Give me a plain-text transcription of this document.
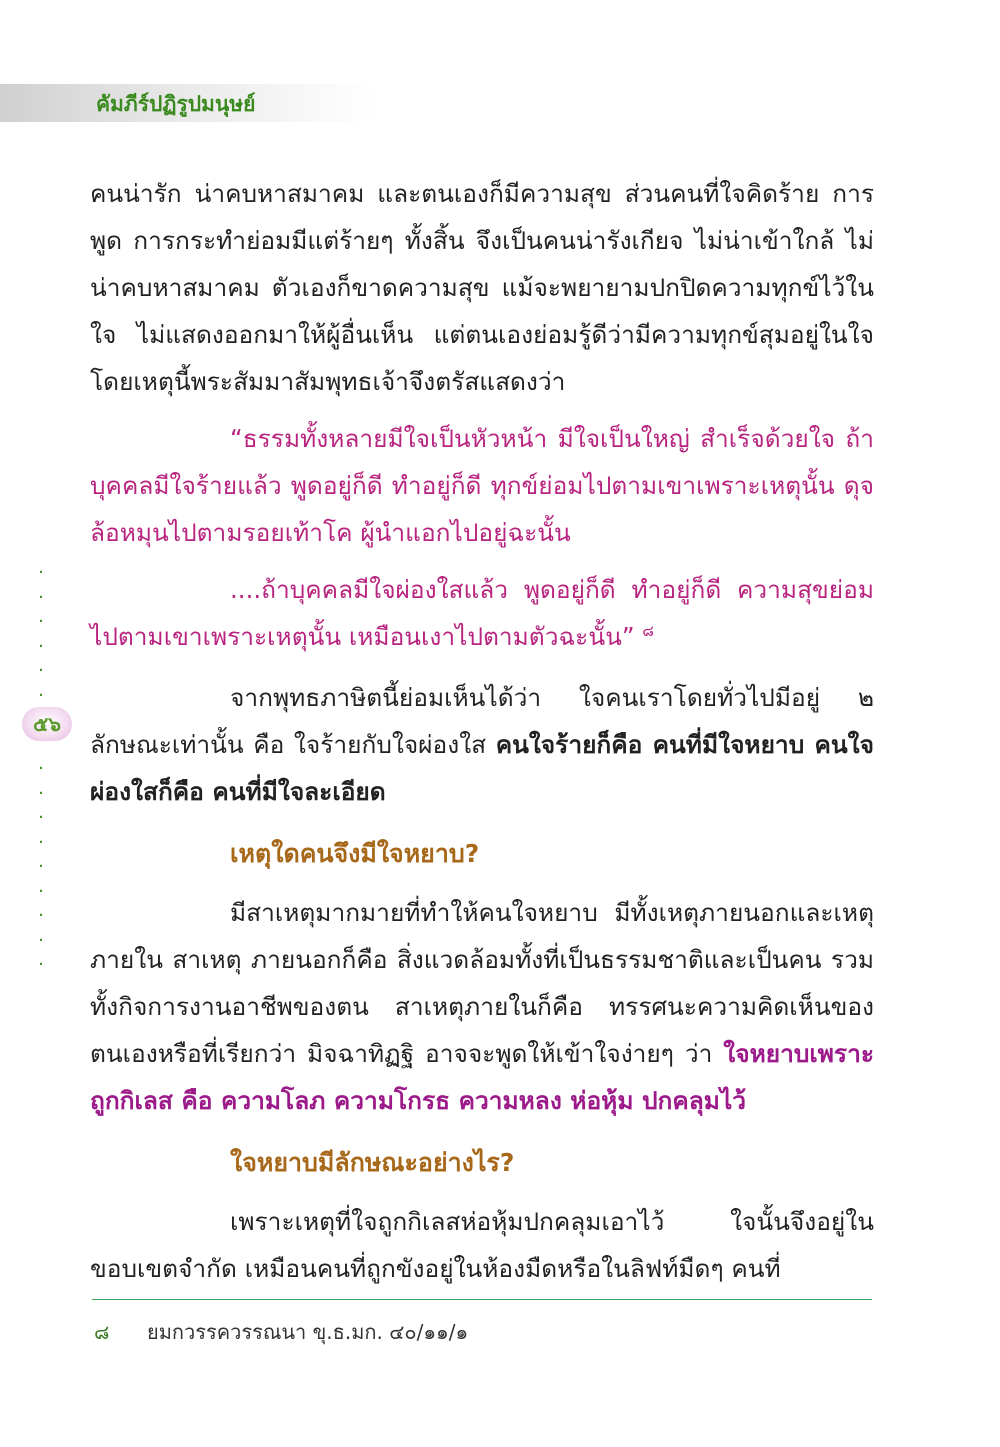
คัมภีร์ปฏิรูปมนุษย์
.
.
.
.
.
.
๕๖
.
.
.
.
.
.
.
.
.

คนน่ารัก น่าคบหาสมาคม และตนเองก็มีความสุข ส่วนคนที่ใจคิดร้าย การพูด การกระทำย่อมมีแต่ร้ายๆ ทั้งสิ้น จึงเป็นคนน่ารังเกียจ ไม่น่าเข้าใกล้ ไม่น่าคบหาสมาคม ตัวเองก็ขาดความสุข แม้จะพยายามปกปิดความทุกข์ไว้ในใจ ไม่แสดงออกมาให้ผู้อื่นเห็น แต่ตนเองย่อมรู้ดีว่ามีความทุกข์สุมอยู่ในใจ โดยเหตุนี้พระสัมมาสัมพุทธเจ้าจึงตรัสแสดงว่า

“ธรรมทั้งหลายมีใจเป็นหัวหน้า มีใจเป็นใหญ่ สำเร็จด้วยใจ ถ้าบุคคลมีใจร้ายแล้ว พูดอยู่ก็ดี ทำอยู่ก็ดี ทุกข์ย่อมไปตามเขาเพราะเหตุนั้น ดุจล้อหมุนไปตามรอยเท้าโค ผู้นำแอกไปอยู่ฉะนั้น

....ถ้าบุคคลมีใจผ่องใสแล้ว พูดอยู่ก็ดี ทำอยู่ก็ดี ความสุขย่อมไปตามเขาเพราะเหตุนั้น เหมือนเงาไปตามตัวฉะนั้น” $^๘$

จากพุทธภาษิตนี้ย่อมเห็นได้ว่า ใจคนเราโดยทั่วไปมีอยู่ ๒ ลักษณะเท่านั้น คือ ใจร้ายกับใจผ่องใส คนใจร้ายก็คือ คนที่มีใจหยาบ คนใจผ่องใสก็คือ คนที่มีใจละเอียด

เหตุใดคนจึงมีใจหยาบ?

มีสาเหตุมากมายที่ทำให้คนใจหยาบ มีทั้งเหตุภายนอกและเหตุภายใน สาเหตุ ภายนอกก็คือ สิ่งแวดล้อมทั้งที่เป็นธรรมชาติและเป็นคน รวมทั้งกิจการงานอาชีพของตน สาเหตุภายในก็คือ ทรรศนะความคิดเห็นของตนเองหรือที่เรียกว่า มิจฉาทิฏฐิ อาจจะพูดให้เข้าใจง่ายๆ ว่า ใจหยาบเพราะถูกกิเลส คือ ความโลภ ความโกรธ ความหลง ห่อหุ้ม ปกคลุมไว้

ใจหยาบมีลักษณะอย่างไร?

เพราะเหตุที่ใจถูกกิเลสห่อหุ้มปกคลุมเอาไว้ ใจนั้นจึงอยู่ในขอบเขตจำกัด เหมือนคนที่ถูกขังอยู่ในห้องมืดหรือในลิฟท์มืดๆ คนที่

๘ ยมกวรรควรรณนา ขุ.ธ.มก. ๔๐/๑๑/๑
